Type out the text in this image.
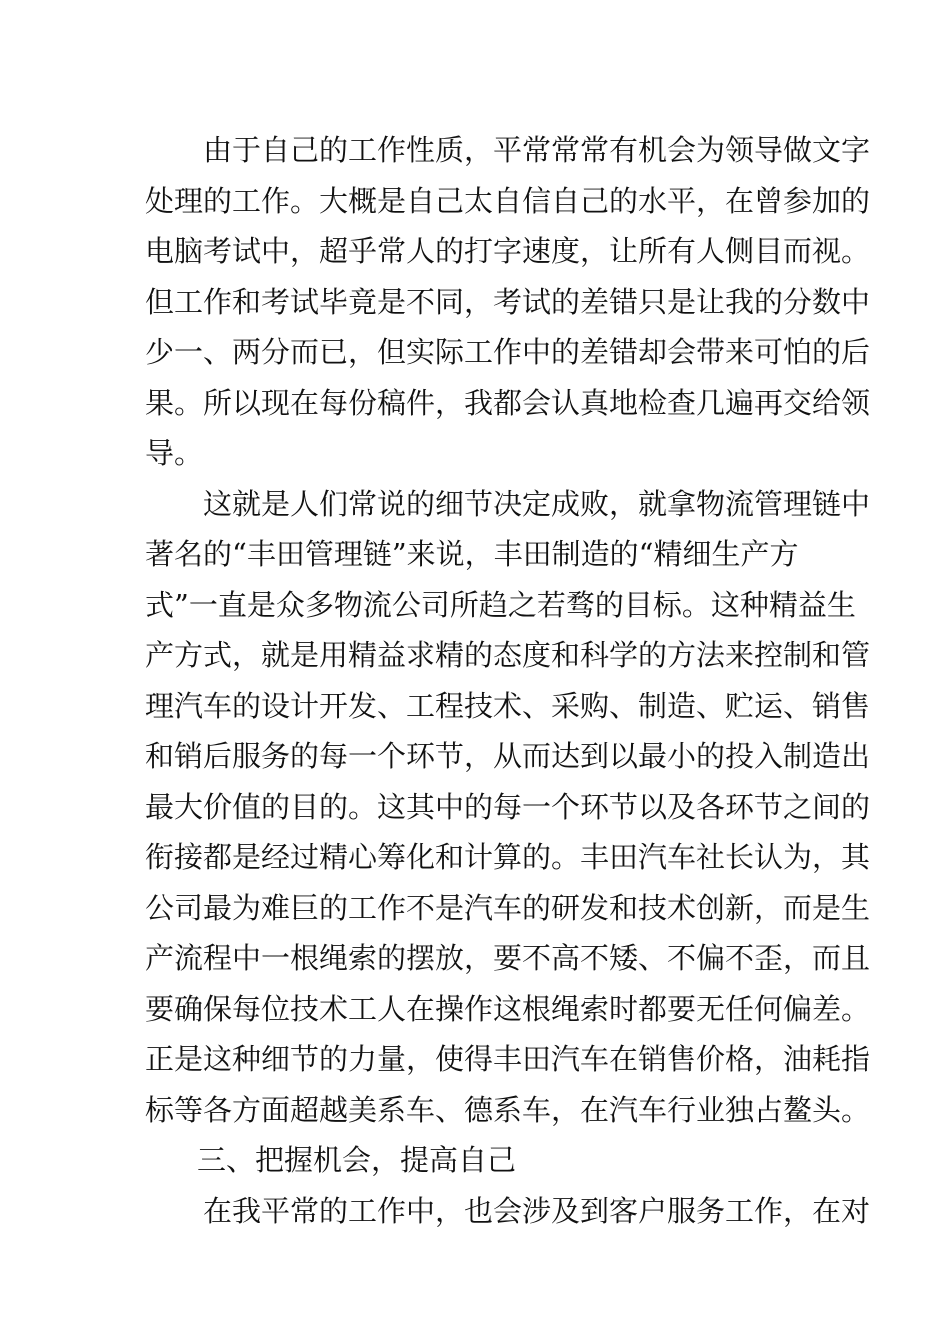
由于自己的工作性质，平常常常有机会为领导做文字
处理的工作。大概是自己太自信自己的水平，在曾参加的
电脑考试中，超乎常人的打字速度，让所有人侧目而视。
但工作和考试毕竟是不同，考试的差错只是让我的分数中
少一、两分而已，但实际工作中的差错却会带来可怕的后
果。所以现在每份稿件，我都会认真地检查几遍再交给领
导。
这就是人们常说的细节决定成败，就拿物流管理链中
著名的“丰田管理链”来说，丰田制造的“精细生产方
式”一直是众多物流公司所趋之若骛的目标。这种精益生
产方式，就是用精益求精的态度和科学的方法来控制和管
理汽车的设计开发、工程技术、采购、制造、贮运、销售
和销后服务的每一个环节，从而达到以最小的投入制造出
最大价值的目的。这其中的每一个环节以及各环节之间的
衔接都是经过精心筹化和计算的。丰田汽车社长认为，其
公司最为难巨的工作不是汽车的研发和技术创新，而是生
产流程中一根绳索的摆放，要不高不矮、不偏不歪，而且
要确保每位技术工人在操作这根绳索时都要无任何偏差。
正是这种细节的力量，使得丰田汽车在销售价格，油耗指
标等各方面超越美系车、德系车，在汽车行业独占鳌头。
三、把握机会，提高自己
在我平常的工作中，也会涉及到客户服务工作，在对
